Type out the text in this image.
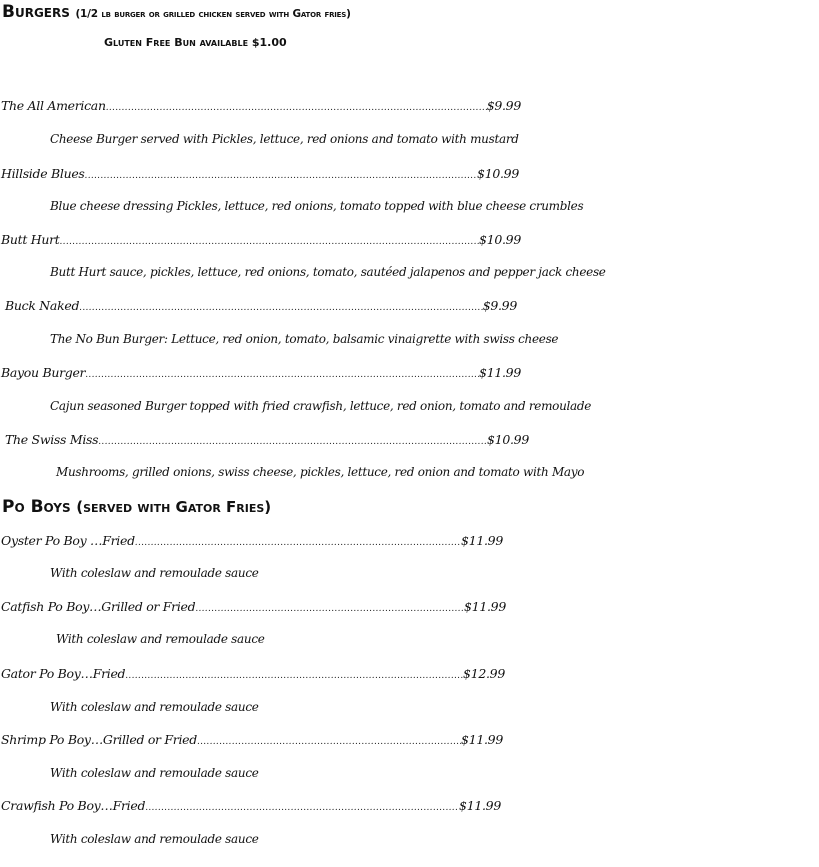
Burgers (1/2 lb burger or grilled chicken served with Gator fries)
Gluten Free Bun available $1.00
The All American .....	$9.99
Cheese Burger served with Pickles, lettuce, red onions and tomato with mustard
Hillside Blues .....	$10.99
Blue cheese dressing Pickles, lettuce, red onions, tomato topped with blue cheese crumbles
Butt Hurt .....	$10.99
Butt Hurt sauce, pickles, lettuce, red onions, tomato, sautéed jalapenos and pepper jack cheese
Buck Naked .....	$9.99
The No Bun Burger: Lettuce, red onion, tomato, balsamic vinaigrette with swiss cheese
Bayou Burger .....	$11.99
Cajun seasoned Burger topped with fried crawfish, lettuce, red onion, tomato and remoulade
The Swiss Miss .....	$10.99
Mushrooms, grilled onions, swiss cheese, pickles, lettuce, red onion and tomato with Mayo
Po Boys (served with Gator Fries)
Oyster Po Boy …Fried .....	$11.99
With coleslaw and remoulade sauce
Catfish Po Boy…Grilled or Fried .....	$11.99
With coleslaw and remoulade sauce
Gator Po Boy…Fried .....	$12.99
With coleslaw and remoulade sauce
Shrimp Po Boy…Grilled or Fried .....	$11.99
With coleslaw and remoulade sauce
Crawfish Po Boy…Fried .....	$11.99
With coleslaw and remoulade sauce
